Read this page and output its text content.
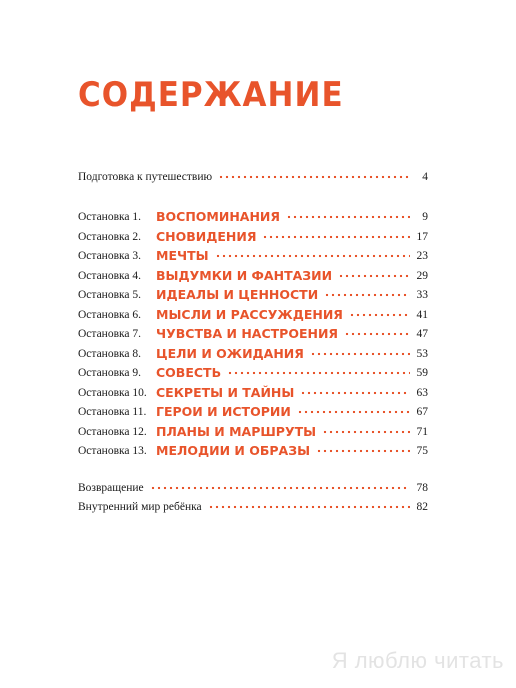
СОДЕРЖАНИЕ
Подготовка к путешествию	4
Остановка 1.	ВОСПОМИНАНИЯ	9
Остановка 2.	СНОВИДЕНИЯ	17
Остановка 3.	МЕЧТЫ	23
Остановка 4.	ВЫДУМКИ И ФАНТАЗИИ	29
Остановка 5.	ИДЕАЛЫ И ЦЕННОСТИ	33
Остановка 6.	МЫСЛИ И РАССУЖДЕНИЯ	41
Остановка 7.	ЧУВСТВА И НАСТРОЕНИЯ	47
Остановка 8.	ЦЕЛИ И ОЖИДАНИЯ	53
Остановка 9.	СОВЕСТЬ	59
Остановка 10. СЕКРЕТЫ И ТАЙНЫ	63
Остановка 11. ГЕРОИ И ИСТОРИИ	67
Остановка 12. ПЛАНЫ И МАРШРУТЫ	71
Остановка 13. МЕЛОДИИ И ОБРАЗЫ	75
Возвращение	78
Внутренний мир ребёнка	82
Я люблю читать
